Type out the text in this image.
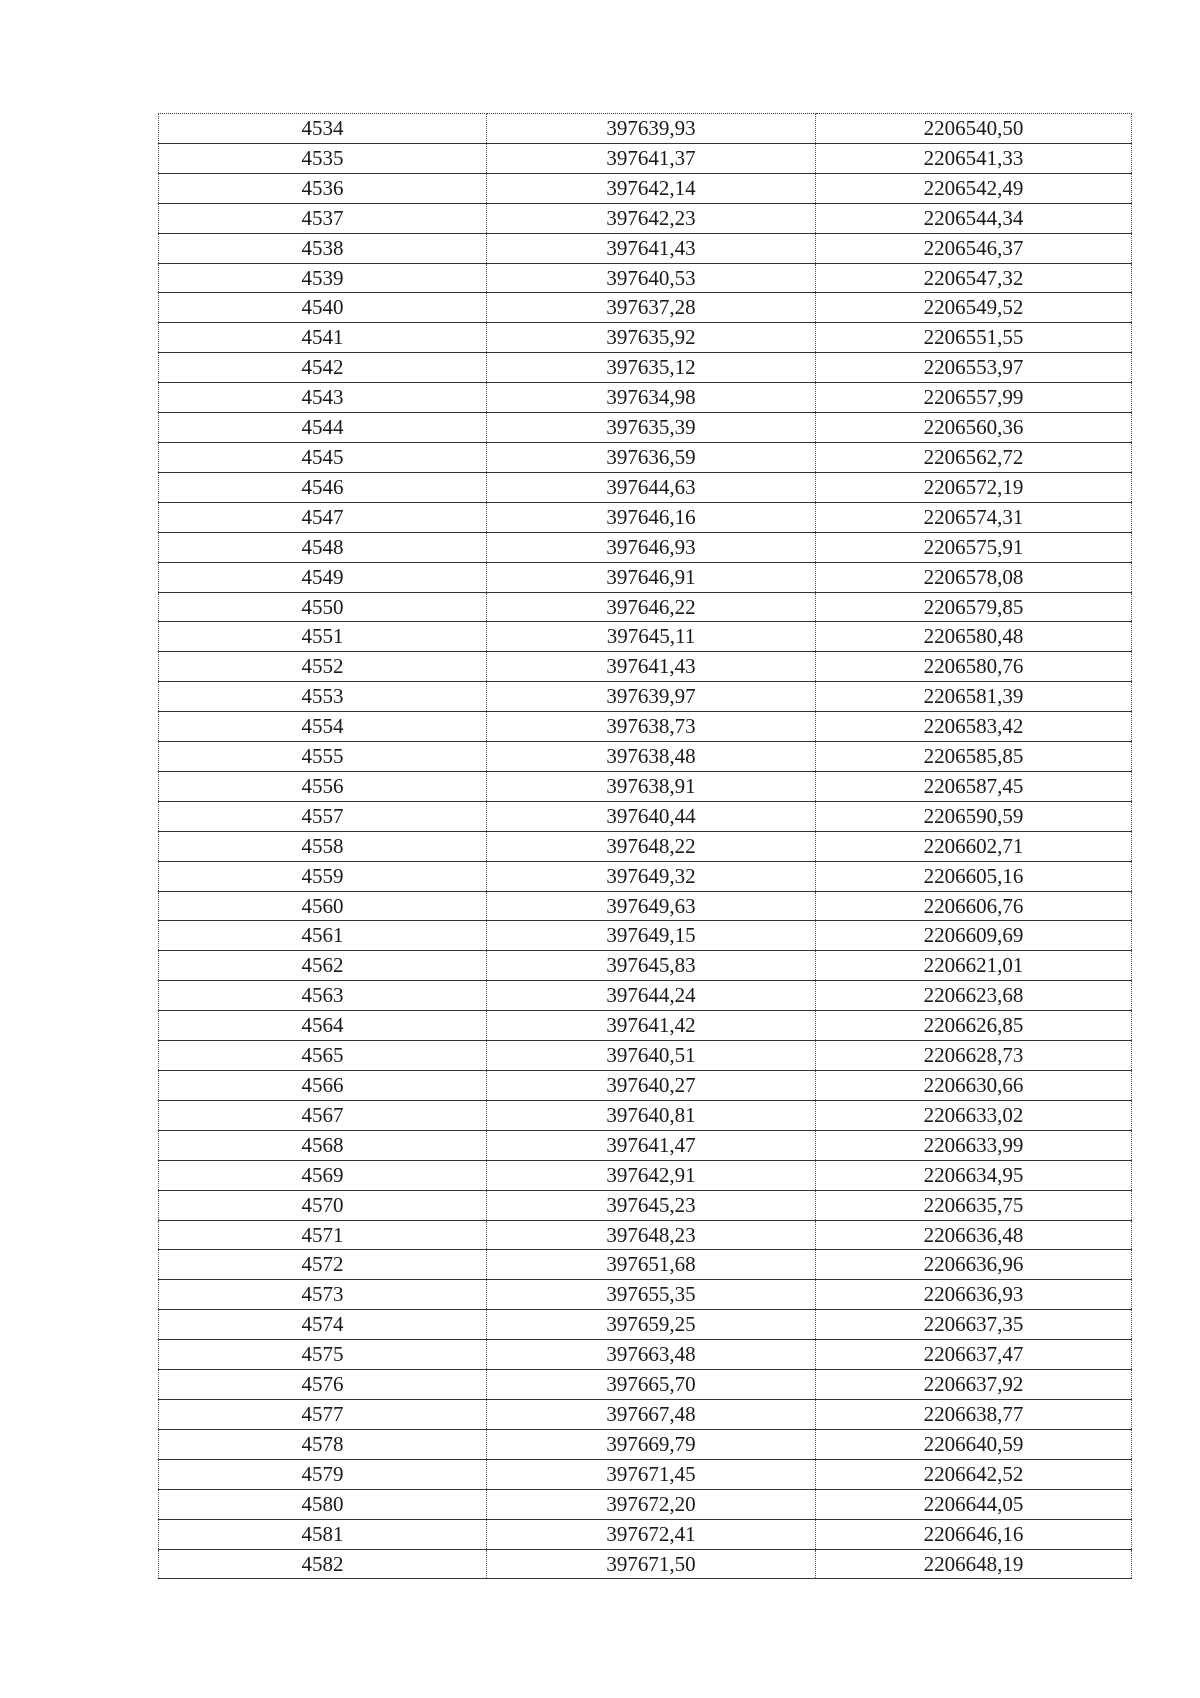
4534	397639,93	2206540,50
4535	397641,37	2206541,33
4536	397642,14	2206542,49
4537	397642,23	2206544,34
4538	397641,43	2206546,37
4539	397640,53	2206547,32
4540	397637,28	2206549,52
4541	397635,92	2206551,55
4542	397635,12	2206553,97
4543	397634,98	2206557,99
4544	397635,39	2206560,36
4545	397636,59	2206562,72
4546	397644,63	2206572,19
4547	397646,16	2206574,31
4548	397646,93	2206575,91
4549	397646,91	2206578,08
4550	397646,22	2206579,85
4551	397645,11	2206580,48
4552	397641,43	2206580,76
4553	397639,97	2206581,39
4554	397638,73	2206583,42
4555	397638,48	2206585,85
4556	397638,91	2206587,45
4557	397640,44	2206590,59
4558	397648,22	2206602,71
4559	397649,32	2206605,16
4560	397649,63	2206606,76
4561	397649,15	2206609,69
4562	397645,83	2206621,01
4563	397644,24	2206623,68
4564	397641,42	2206626,85
4565	397640,51	2206628,73
4566	397640,27	2206630,66
4567	397640,81	2206633,02
4568	397641,47	2206633,99
4569	397642,91	2206634,95
4570	397645,23	2206635,75
4571	397648,23	2206636,48
4572	397651,68	2206636,96
4573	397655,35	2206636,93
4574	397659,25	2206637,35
4575	397663,48	2206637,47
4576	397665,70	2206637,92
4577	397667,48	2206638,77
4578	397669,79	2206640,59
4579	397671,45	2206642,52
4580	397672,20	2206644,05
4581	397672,41	2206646,16
4582	397671,50	2206648,19
